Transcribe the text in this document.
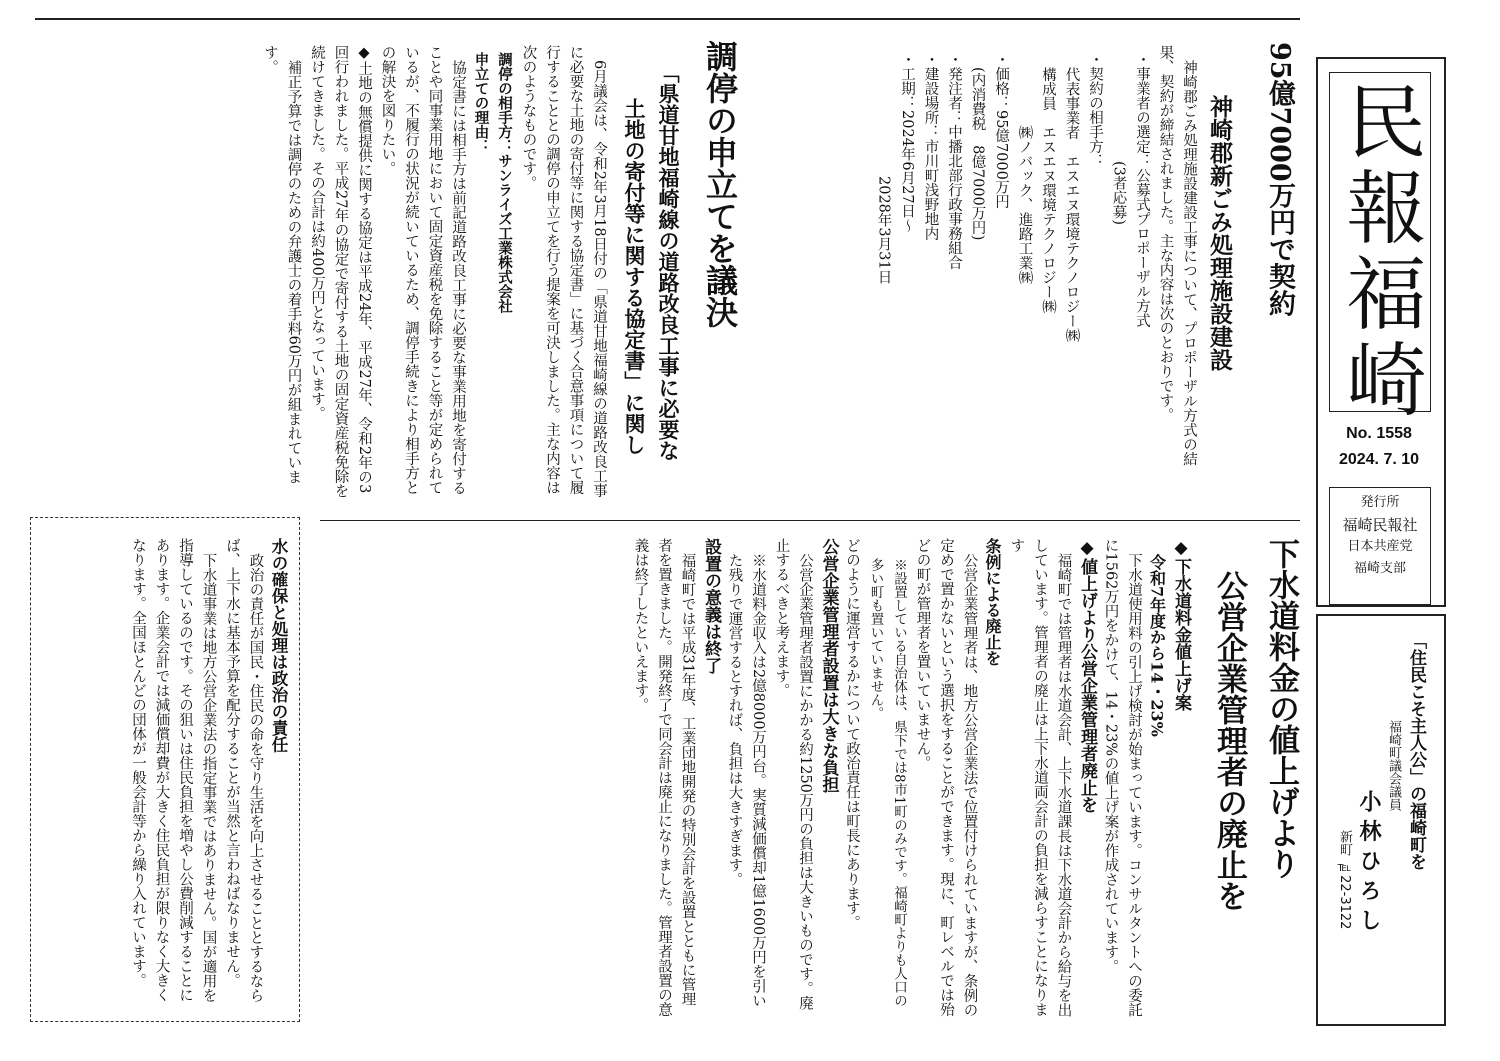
民報福崎
No. 1558
2024. 7. 10
発行所
福崎民報社
日本共産党
福崎支部
「住民こそ主人公」の福崎町を
福崎町議会議員
小 林 ひ ろ し
新町 ℡22-3122
95億7000万円で契約
神崎郡新ごみ処理施設建設

神崎郡ごみ処理施設建設工事について、プロポーザル方式の結果、契約が締結されました。主な内容は次のとおりです。

・事業者の選定：公募式プロポーザル方式

(3者応募)

・契約の相手方：

代表事業者　エスエヌ環境テクノロジー㈱

構成員　エスエヌ環境テクノロジー㈱

㈱ノバック、進路工業㈱

・価格：95億7000万円

(内消費税　8億7000万円)

・発注者：中播北部行政事務組合

・建設場所：市川町浅野地内

・工期：2024年6月27日～

2028年3月31日

調停の申立てを議決
「県道甘地福崎線の道路改良工事に必要な
土地の寄付等に関する協定書」に関し

6月議会は、令和2年3月18日付の「県道甘地福崎線の道路改良工事に必要な土地の寄付等に関する協定書」に基づく合意事項について履行することとの調停の申立てを行う提案を可決しました。主な内容は次のようなものです。

調停の相手方：サンライズ工業株式会社

申立ての理由：

協定書には相手方は前記道路改良工事に必要な事業用地を寄付することや同事業用地において固定資産税を免除すること等が定められているが、不履行の状況が続いているため、調停手続きにより相手方との解決を図りたい。

◆土地の無償提供に関する協定は平成24年、平成27年、令和2年の3回行われました。平成27年の協定で寄付する土地の固定資産税免除を続けてきました。その合計は約400万円となっています。

補正予算では調停のための弁護士の着手料60万円が組まれています。

下水道料金の値上げより
公営企業管理者の廃止を

◆下水道料金値上げ案

令和7年度から14・23%

下水道使用料の引上げ検討が始まっています。コンサルタントへの委託に1562万円をかけて、14・23%の値上げ案が作成されています。

◆値上げより公営企業管理者廃止を

福崎町では管理者は水道会計、上下水道課長は下水道会計から給与を出しています。管理者の廃止は上下水道両会計の負担を減らすことになります

条例による廃止を

公営企業管理者は、地方公営企業法で位置付けられていますが、条例の定めで置かないという選択をすることができます。現に、町レベルでは殆どの町が管理者を置いていません。

※設置している自治体は、県下では8市1町のみです。福崎町よりも人口の多い町も置いていません。

どのように運営するかについて政治責任は町長にあります。

公営企業管理者設置は大きな負担

公営企業管理者設置にかかる約1250万円の負担は大きいものです。廃止するべきと考えます。

※水道料金収入は2億8000万円台。実質減価償却1億1600万円を引いた残りで運営するとすれば、負担は大きすぎます。

設置の意義は終了

福崎町では平成31年度、工業団地開発の特別会計を設置とともに管理者を置きました。開発終了で同会計は廃止になりました。管理者設置の意義は終了したといえます。

水の確保と処理は政治の責任

政治の責任が国民・住民の命を守り生活を向上させることとするならば、上下水に基本予算を配分することが当然と言わねばなりません。

下水道事業は地方公営企業法の指定事業ではありません。国が適用を指導しているのです。その狙いは住民負担を増やし公費削減することにあります。企業会計では減価償却費が大きく住民負担が限りなく大きくなります。全国ほとんどの団体が一般会計等から繰り入れています。
